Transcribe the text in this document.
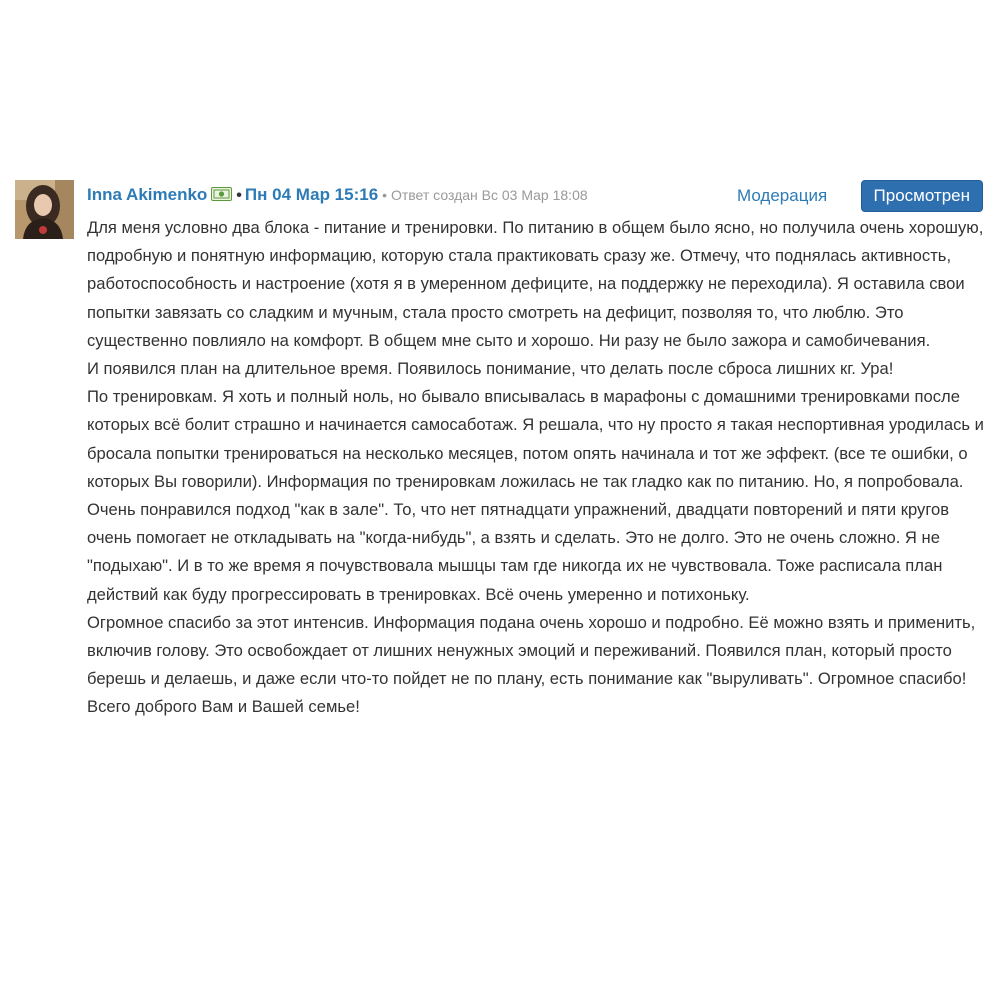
Inna Akimenko • Пн 04 Мар 15:16 • Ответ создан Вс 03 Мар 18:08	Модерация	Просмотрен

Для меня условно два блока - питание и тренировки. По питанию в общем было ясно, но получила очень хорошую, подробную и понятную информацию, которую стала практиковать сразу же. Отмечу, что поднялась активность, работоспособность и настроение (хотя я в умеренном дефиците, на поддержку не переходила). Я оставила свои попытки завязать со сладким и мучным, стала просто смотреть на дефицит, позволяя то, что люблю. Это существенно повлияло на комфорт. В общем мне сыто и хорошо. Ни разу не было зажора и самобичевания.

И появился план на длительное время. Появилось понимание, что делать после сброса лишних кг. Ура!

По тренировкам. Я хоть и полный ноль, но бывало вписывалась в марафоны с домашними тренировками после которых всё болит страшно и начинается самосаботаж. Я решала, что ну просто я такая неспортивная уродилась и бросала попытки тренироваться на несколько месяцев, потом опять начинала и тот же эффект. (все те ошибки, о которых Вы говорили). Информация по тренировкам ложилась не так гладко как по питанию. Но, я попробовала. Очень понравился подход "как в зале". То, что нет пятнадцати упражнений, двадцати повторений и пяти кругов очень помогает не откладывать на "когда-нибудь", а взять и сделать. Это не долго. Это не очень сложно. Я не "подыхаю". И в то же время я почувствовала мышцы там где никогда их не чувствовала. Тоже расписала план действий как буду прогрессировать в тренировках. Всё очень умеренно и потихоньку.

Огромное спасибо за этот интенсив. Информация подана очень хорошо и подробно. Её можно взять и применить, включив голову. Это освобождает от лишних ненужных эмоций и переживаний. Появился план, который просто берешь и делаешь, и даже если что-то пойдет не по плану, есть понимание как "выруливать". Огромное спасибо! Всего доброго Вам и Вашей семье!
